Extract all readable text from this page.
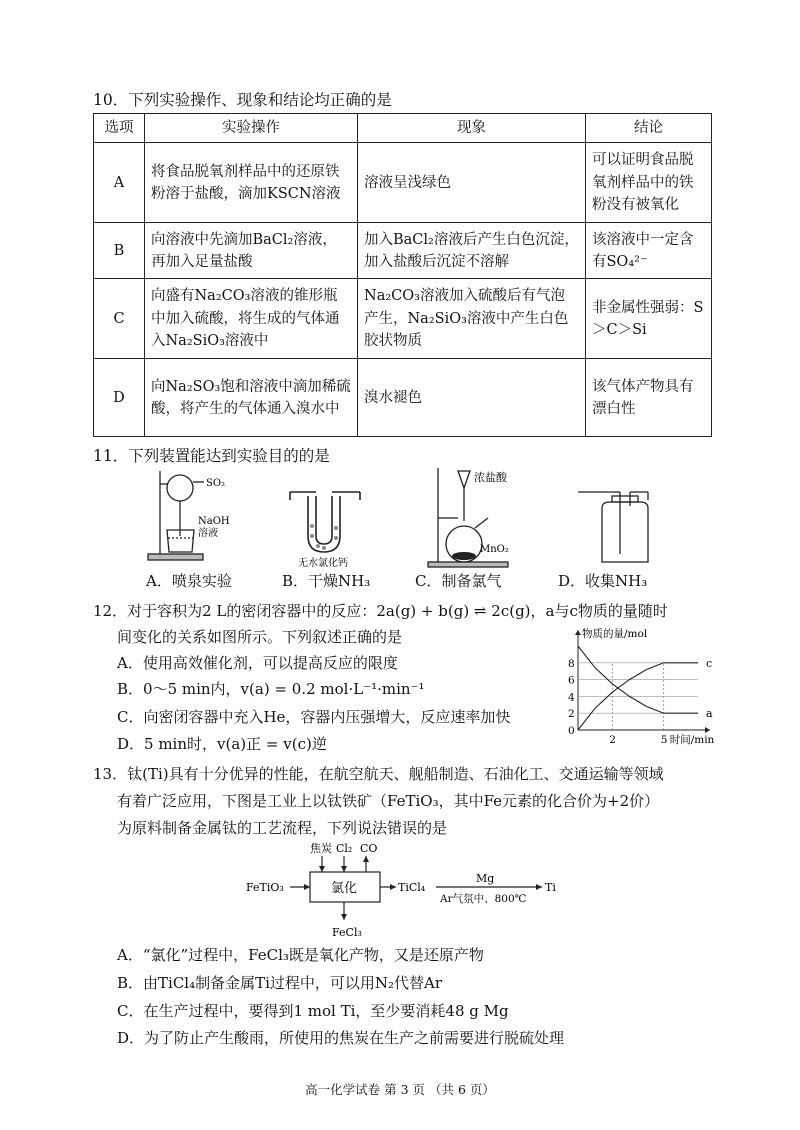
10．下列实验操作、现象和结论均正确的是
选项	实验操作	现象	结论
A	将食品脱氧剂样品中的还原铁粉溶于盐酸，滴加KSCN溶液	溶液呈浅绿色	可以证明食品脱氧剂样品中的铁粉没有被氧化
B	向溶液中先滴加BaCl₂溶液，再加入足量盐酸	加入BaCl₂溶液后产生白色沉淀，加入盐酸后沉淀不溶解	该溶液中一定含有SO₄²⁻
C	向盛有Na₂CO₃溶液的锥形瓶中加入硫酸，将生成的气体通入Na₂SiO₃溶液中	Na₂CO₃溶液加入硫酸后有气泡产生，Na₂SiO₃溶液中产生白色胶状物质	非金属性强弱：S＞C＞Si
D	向Na₂SO₃饱和溶液中滴加稀硫酸，将产生的气体通入溴水中	溴水褪色	该气体产物具有漂白性
11．下列装置能达到实验目的的是
SO₂
NaOH
溶液
无水氯化钙
浓盐酸
MnO₂
A．喷泉实验	B．干燥NH₃	C．制备氯气	D．收集NH₃
12．对于容积为2 L的密闭容器中的反应：2a(g) + b(g) ⇌ 2c(g)，a与c物质的量随时
间变化的关系如图所示。下列叙述正确的是
A．使用高效催化剂，可以提高反应的限度
B．0～5 min内，v(a) = 0.2 mol·L⁻¹·min⁻¹
C．向密闭容器中充入He，容器内压强增大，反应速率加快
D．5 min时，v(a)正 = v(c)逆
c
a
0
2
4
6
8
2	5
物质的量/mol
时间/min
13．钛(Ti)具有十分优异的性能，在航空航天、舰船制造、石油化工、交通运输等领域
有着广泛应用，下图是工业上以钛铁矿（FeTiO₃，其中Fe元素的化合价为+2价）
为原料制备金属钛的工艺流程，下列说法错误的是
焦炭 Cl₂ CO
FeTiO₃	氯化	TiCl₄
Mg
Ar气氛中、800℃
Ti
FeCl₃
A．“氯化”过程中，FeCl₃既是氧化产物，又是还原产物
B．由TiCl₄制备金属Ti过程中，可以用N₂代替Ar
C．在生产过程中，要得到1 mol Ti，至少要消耗48 g Mg
D．为了防止产生酸雨，所使用的焦炭在生产之前需要进行脱硫处理
高一化学试卷 第 3 页 （共 6 页）
